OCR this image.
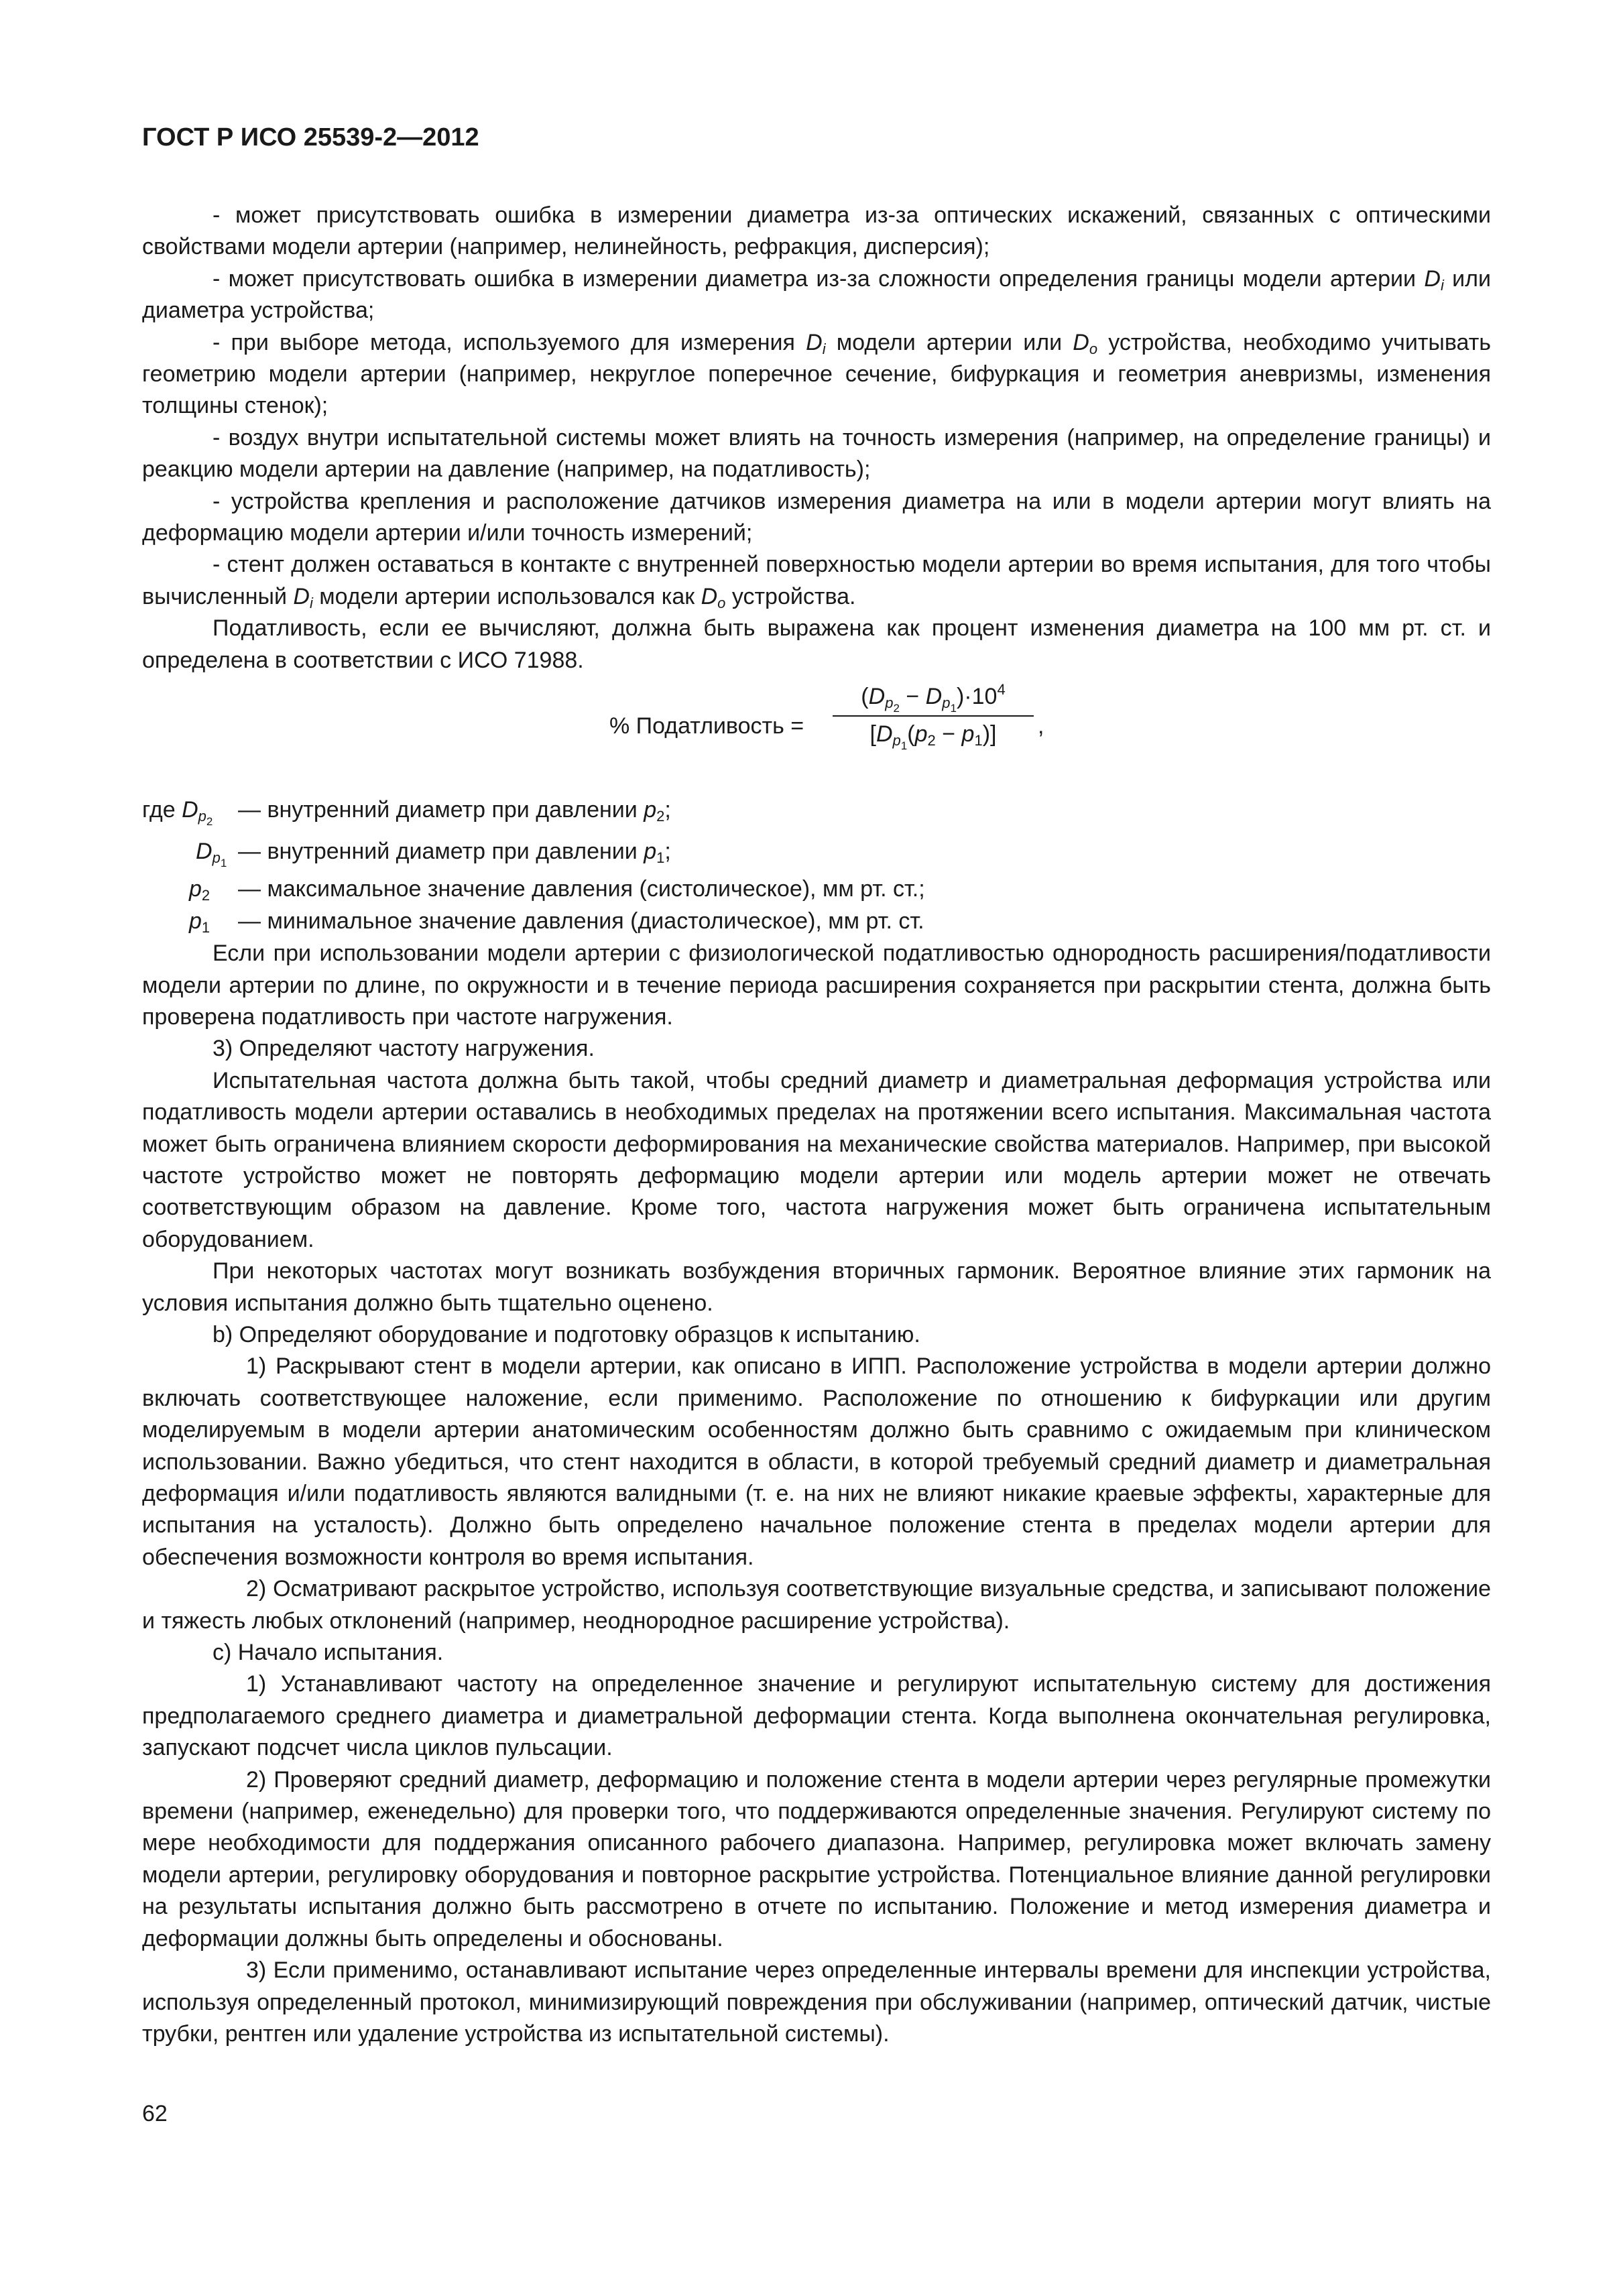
ГОСТ Р ИСО 25539-2—2012

- может присутствовать ошибка в измерении диаметра из-за оптических искажений, связанных с оптическими свойствами модели артерии (например, нелинейность, рефракция, дисперсия);

- может присутствовать ошибка в измерении диаметра из-за сложности определения границы модели артерии $D_i$ или диаметра устройства;

- при выборе метода, используемого для измерения $D_i$ модели артерии или $D_o$ устройства, необходимо учитывать геометрию модели артерии (например, некруглое поперечное сечение, бифуркация и геометрия аневризмы, изменения толщины стенок);

- воздух внутри испытательной системы может влиять на точность измерения (например, на определение границы) и реакцию модели артерии на давление (например, на податливость);

- устройства крепления и расположение датчиков измерения диаметра на или в модели артерии могут влиять на деформацию модели артерии и/или точность измерений;

- стент должен оставаться в контакте с внутренней поверхностью модели артерии во время испытания, для того чтобы вычисленный $D_i$ модели артерии использовался как $D_o$ устройства.

Податливость, если ее вычисляют, должна быть выражена как процент изменения диаметра на 100 мм рт. ст. и определена в соответствии с ИСО 71988.

% Податливость =
$(D_{p_2} - D_{p_1})\cdot 10^4$
$[D_{p_1}(p_2 - p_1)]$	,
где $D_{p_2}$ — внутренний диаметр при давлении $p_2$;
$D_{p_1}$ — внутренний диаметр при давлении $p_1$;
$p_2$ — максимальное значение давления (систолическое), мм рт. ст.;
$p_1$ — минимальное значение давления (диастолическое), мм рт. ст.

Если при использовании модели артерии с физиологической податливостью однородность расширения/податливости модели артерии по длине, по окружности и в течение периода расширения сохраняется при раскрытии стента, должна быть проверена податливость при частоте нагружения.

3) Определяют частоту нагружения.

Испытательная частота должна быть такой, чтобы средний диаметр и диаметральная деформация устройства или податливость модели артерии оставались в необходимых пределах на протяжении всего испытания. Максимальная частота может быть ограничена влиянием скорости деформирования на механические свойства материалов. Например, при высокой частоте устройство может не повторять деформацию модели артерии или модель артерии может не отвечать соответствующим образом на давление. Кроме того, частота нагружения может быть ограничена испытательным оборудованием.

При некоторых частотах могут возникать возбуждения вторичных гармоник. Вероятное влияние этих гармоник на условия испытания должно быть тщательно оценено.

b) Определяют оборудование и подготовку образцов к испытанию.

1) Раскрывают стент в модели артерии, как описано в ИПП. Расположение устройства в модели артерии должно включать соответствующее наложение, если применимо. Расположение по отношению к бифуркации или другим моделируемым в модели артерии анатомическим особенностям должно быть сравнимо с ожидаемым при клиническом использовании. Важно убедиться, что стент находится в области, в которой требуемый средний диаметр и диаметральная деформация и/или податливость являются валидными (т. е. на них не влияют никакие краевые эффекты, характерные для испытания на усталость). Должно быть определено начальное положение стента в пределах модели артерии для обеспечения возможности контроля во время испытания.

2) Осматривают раскрытое устройство, используя соответствующие визуальные средства, и записывают положение и тяжесть любых отклонений (например, неоднородное расширение устройства).

c) Начало испытания.

1) Устанавливают частоту на определенное значение и регулируют испытательную систему для достижения предполагаемого среднего диаметра и диаметральной деформации стента. Когда выполнена окончательная регулировка, запускают подсчет числа циклов пульсации.

2) Проверяют средний диаметр, деформацию и положение стента в модели артерии через регулярные промежутки времени (например, еженедельно) для проверки того, что поддерживаются определенные значения. Регулируют систему по мере необходимости для поддержания описанного рабочего диапазона. Например, регулировка может включать замену модели артерии, регулировку оборудования и повторное раскрытие устройства. Потенциальное влияние данной регулировки на результаты испытания должно быть рассмотрено в отчете по испытанию. Положение и метод измерения диаметра и деформации должны быть определены и обоснованы.

3) Если применимо, останавливают испытание через определенные интервалы времени для инспекции устройства, используя определенный протокол, минимизирующий повреждения при обслуживании (например, оптический датчик, чистые трубки, рентген или удаление устройства из испытательной системы).

62
